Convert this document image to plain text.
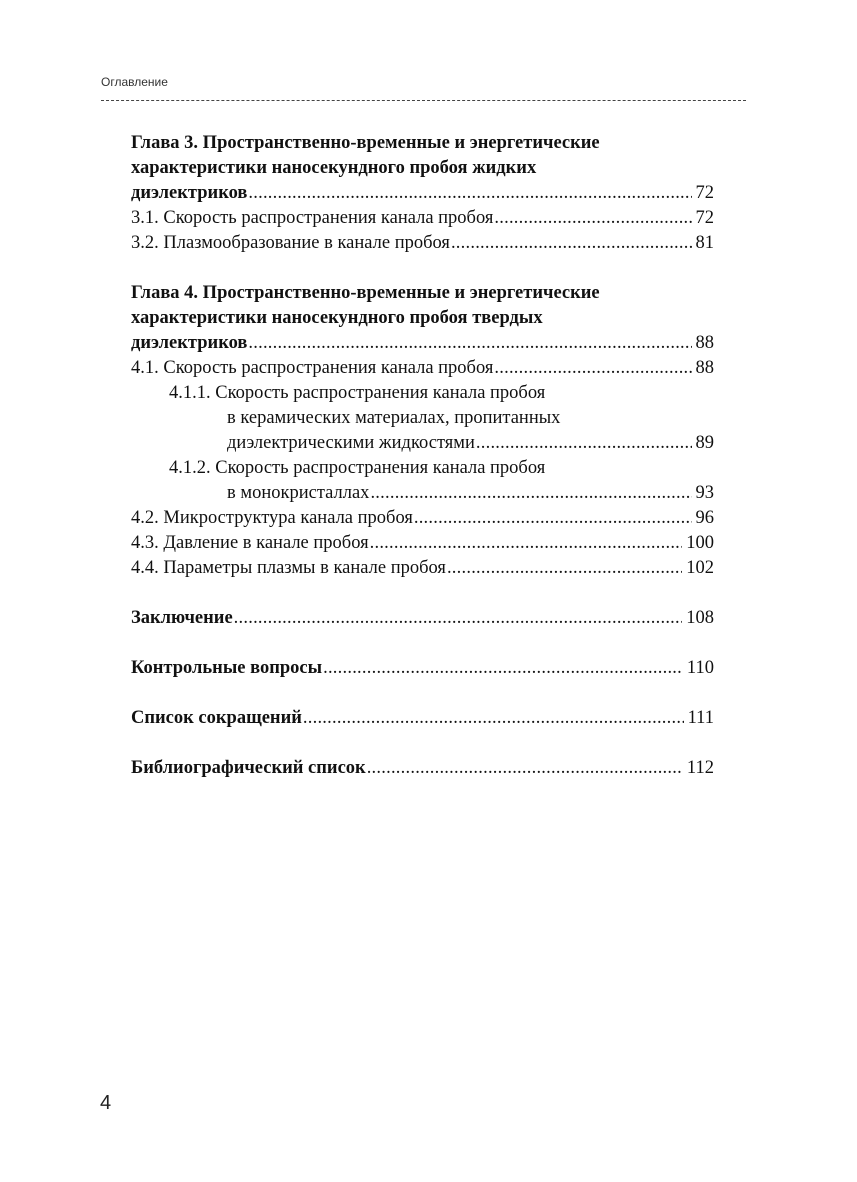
Оглавление
Глава 3. Пространственно-временные и энергетические
характеристики наносекундного пробоя жидких
диэлектриков . . .	72
3.1. Скорость распространения канала пробоя . . .	72
3.2. Плазмообразование в канале пробоя . . .	81
Глава 4. Пространственно-временные и энергетические
характеристики наносекундного пробоя твердых
диэлектриков . . .	88
4.1. Скорость распространения канала пробоя . . .	88
4.1.1. Скорость распространения канала пробоя
в керамических материалах, пропитанных
диэлектрическими жидкостями . . .	89
4.1.2. Скорость распространения канала пробоя
в монокристаллах . . .	93
4.2. Микроструктура канала пробоя . . .	96
4.3. Давление в канале пробоя . . .	100
4.4. Параметры плазмы в канале пробоя . . .	102
Заключение . . .	108
Контрольные вопросы . . .	110
Список сокращений . . .	111
Библиографический список . . .	112
4
